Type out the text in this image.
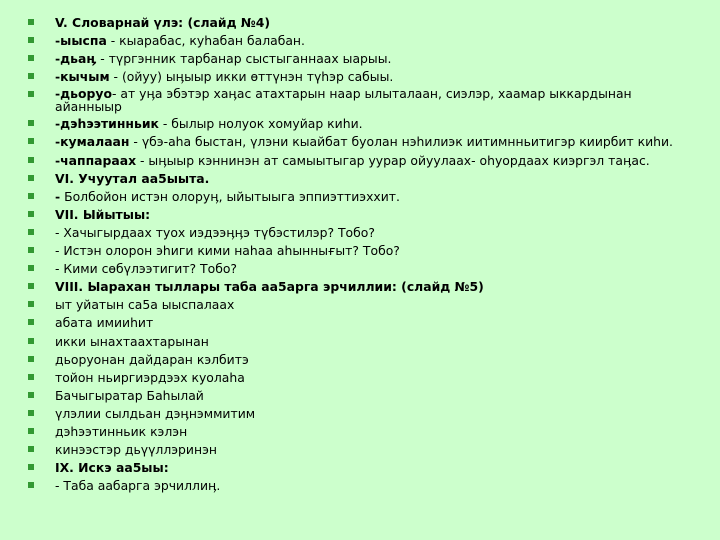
V. Словарнай үлэ: (слайд №4)
-ыыспа - кыарабас, куһабан балабан.
-дьаӊ - түргэнник тарбанар сыстыганнаах ыарыы.
-кычым - (ойуу) ыӊыыр икки өттүнэн түһэр сабыы.
-дьоруо- ат уӊа эбэтэр хаӊас атахтарын наар ылыталаан, сиэлэр, хаамар ыккардынан айанныыр
-дэһээтинньик - былыр нолуок хомуйар киһи.
-кумалаан - үбэ-аһа быстан, үлэни кыайбат буолан нэһилиэк иитимнньитигэр киирбит киһи.
-чаппараах - ыӊыыр кэннинэн ат самыытыгар уурар ойуулаах- оһуордаах киэргэл таӊас.
VI. Учуутал аа5ыыта.
- Болбойон истэн олоруӊ, ыйытыыга эппиэттиэххит.
VII. Ыйытыы:
- Хачыгырдаах туох иэдээӊӊэ түбэстилэр? Тобо?
- Истэн олорон эһиги кими наһаа аһыннығыт? Тобо?
- Кими сөбүлээтигит? Тобо?
VIII. Ыарахан тыллары таба аа5арга эрчиллии: (слайд №5)
ыт уйатын са5а ыыспалаах
абата имииһит
икки ынахтаахтарынан
дьоруонан дайдаран кэлбитэ
тойон ньиргиэрдээх куолаһа
Бачыгыратар Баһылай
үлэлии сылдьан дэӊнэммитим
дэһээтинньик кэлэн
кинээстэр дьүүллэринэн
IX. Искэ аа5ыы:
- Таба аабарга эрчиллиӊ.
